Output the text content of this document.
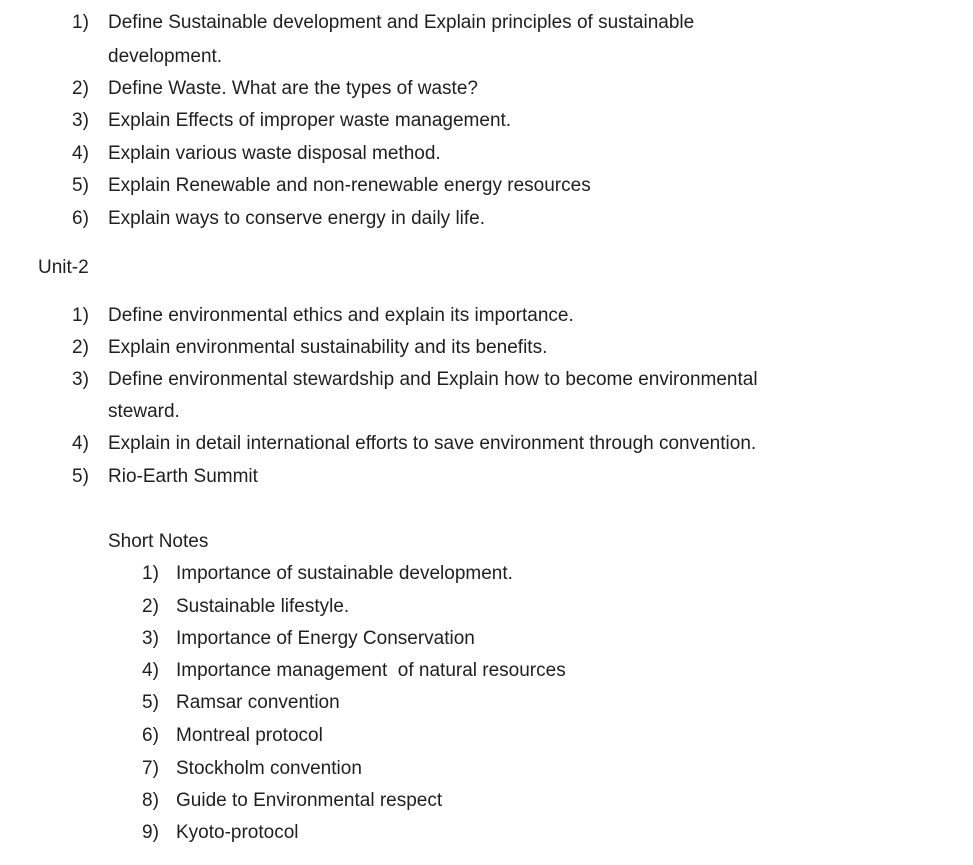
1) Define Sustainable development and Explain principles of sustainable
development.
2) Define Waste. What are the types of waste?
3) Explain Effects of improper waste management.
4) Explain various waste disposal method.
5) Explain Renewable and non-renewable energy resources
6) Explain ways to conserve energy in daily life.
Unit-2
1) Define environmental ethics and explain its importance.
2) Explain environmental sustainability and its benefits.
3) Define environmental stewardship and Explain how to become environmental
steward.
4) Explain in detail international efforts to save environment through convention.
5) Rio-Earth Summit
Short Notes
1) Importance of sustainable development.
2) Sustainable lifestyle.
3) Importance of Energy Conservation
4) Importance management  of natural resources
5) Ramsar convention
6) Montreal protocol
7) Stockholm convention
8) Guide to Environmental respect
9) Kyoto-protocol
